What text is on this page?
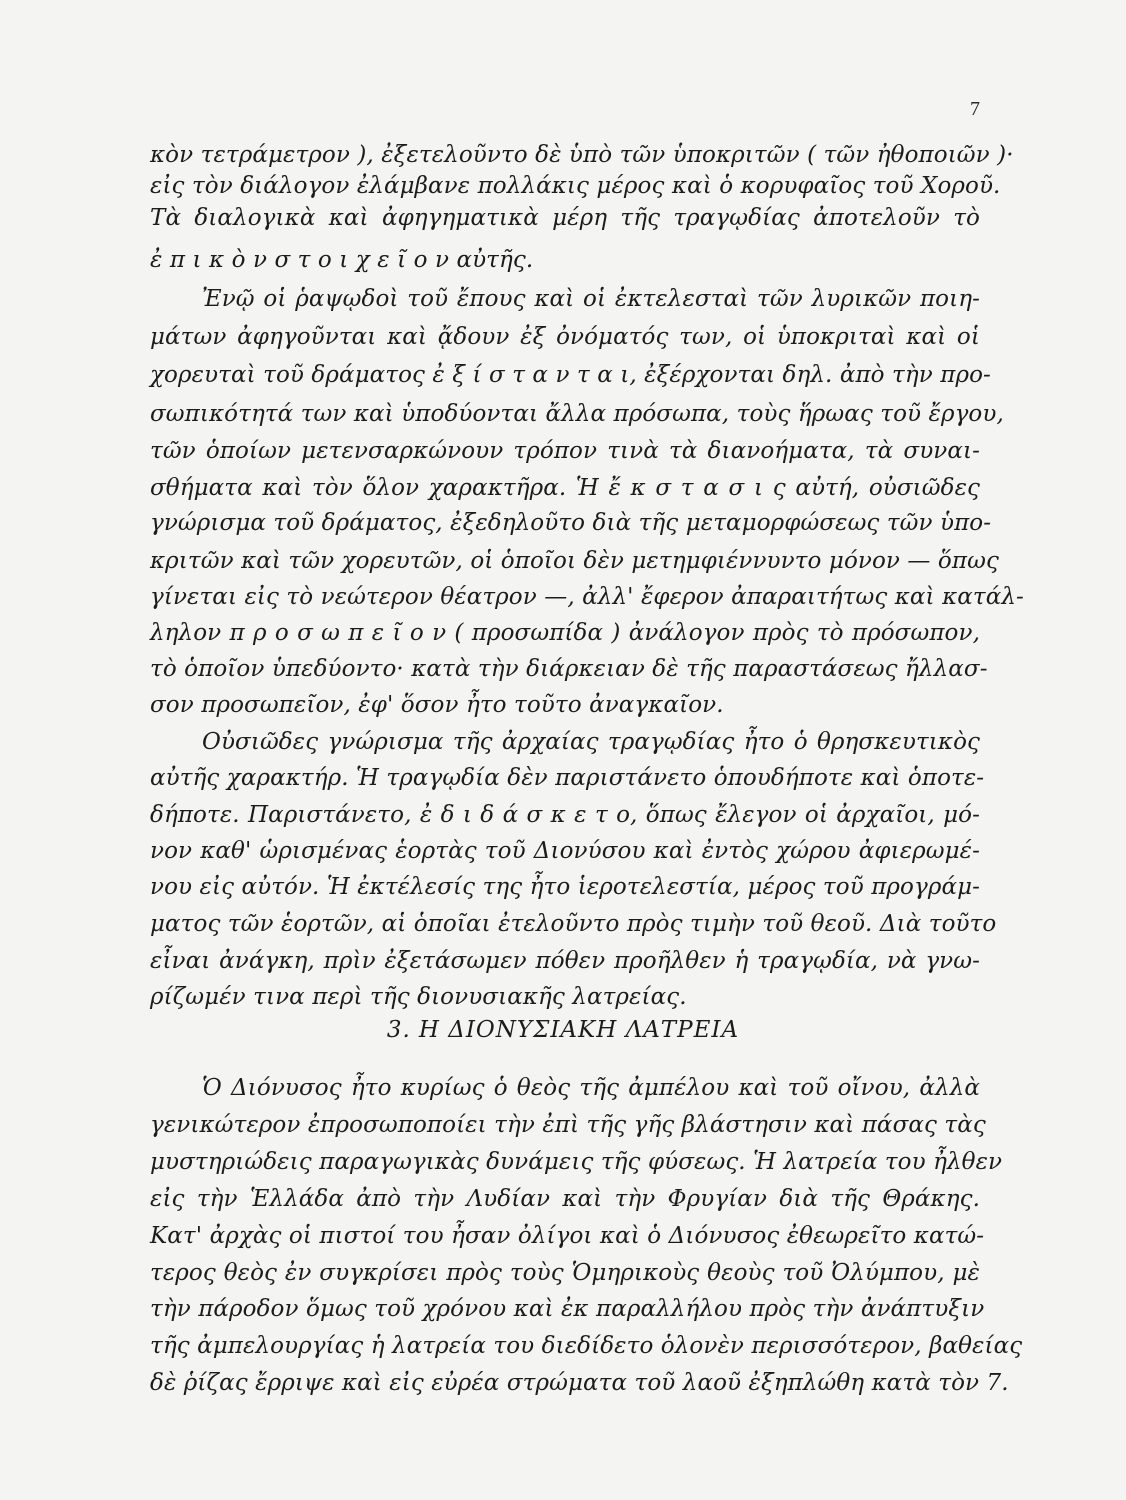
7
κὸν τετράμετρον ), ἐξετελοῦντο δὲ ὑπὸ τῶν ὑποκριτῶν ( τῶν ἠθοποιῶν )·
εἰς τὸν διάλογον ἐλάμβανε πολλάκις μέρος καὶ ὁ κορυφαῖος τοῦ Χοροῦ.
Τὰ διαλογικὰ καὶ ἀφηγηματικὰ μέρη τῆς τραγῳδίας ἀποτελοῦν τὸ
ἐ π ι κ ὸ ν σ τ ο ι χ ε ῖ ο ν αὐτῆς.
Ἐνῷ οἱ ῥαψῳδοὶ τοῦ ἔπους καὶ οἱ ἐκτελεσταὶ τῶν λυρικῶν ποιη-
μάτων ἀφηγοῦνται καὶ ᾄδουν ἐξ ὀνόματός των, οἱ ὑποκριταὶ καὶ οἱ
χορευταὶ τοῦ δράματος ἐ ξ ί σ τ α ν τ α ι, ἐξέρχονται δηλ. ἀπὸ τὴν προ-
σωπικότητά των καὶ ὑποδύονται ἄλλα πρόσωπα, τοὺς ἥρωας τοῦ ἔργου,
τῶν ὁποίων μετενσαρκώνουν τρόπον τινὰ τὰ διανοήματα, τὰ συναι-
σθήματα καὶ τὸν ὅλον χαρακτῆρα. Ἡ ἔ κ σ τ α σ ι ς αὐτή, οὐσιῶδες
γνώρισμα τοῦ δράματος, ἐξεδηλοῦτο διὰ τῆς μεταμορφώσεως τῶν ὑπο-
κριτῶν καὶ τῶν χορευτῶν, οἱ ὁποῖοι δὲν μετημφιέννυντο μόνον — ὅπως
γίνεται εἰς τὸ νεώτερον θέατρον —, ἀλλ' ἔφερον ἀπαραιτήτως καὶ κατάλ-
ληλον π ρ ο σ ω π ε ῖ ο ν ( προσωπίδα ) ἀνάλογον πρὸς τὸ πρόσωπον,
τὸ ὁποῖον ὑπεδύοντο· κατὰ τὴν διάρκειαν δὲ τῆς παραστάσεως ἤλλασ-
σον προσωπεῖον, ἐφ' ὅσον ἦτο τοῦτο ἀναγκαῖον.
Οὐσιῶδες γνώρισμα τῆς ἀρχαίας τραγῳδίας ἦτο ὁ θρησκευτικὸς
αὐτῆς χαρακτήρ. Ἡ τραγῳδία δὲν παριστάνετο ὁπουδήποτε καὶ ὁποτε-
δήποτε. Παριστάνετο, ἐ δ ι δ ά σ κ ε τ ο, ὅπως ἔλεγον οἱ ἀρχαῖοι, μό-
νον καθ' ὡρισμένας ἑορτὰς τοῦ Διονύσου καὶ ἐντὸς χώρου ἀφιερωμέ-
νου εἰς αὐτόν. Ἡ ἐκτέλεσίς της ἦτο ἱεροτελεστία, μέρος τοῦ προγράμ-
ματος τῶν ἑορτῶν, αἱ ὁποῖαι ἐτελοῦντο πρὸς τιμὴν τοῦ θεοῦ. Διὰ τοῦτο
εἶναι ἀνάγκη, πρὶν ἐξετάσωμεν πόθεν προῆλθεν ἡ τραγῳδία, νὰ γνω-
ρίζωμέν τινα περὶ τῆς διονυσιακῆς λατρείας.
3. Η ΔΙΟΝΥΣΙΑΚΗ ΛΑΤΡΕΙΑ
Ὁ Διόνυσος ἦτο κυρίως ὁ θεὸς τῆς ἀμπέλου καὶ τοῦ οἴνου, ἀλλὰ
γενικώτερον ἐπροσωποποίει τὴν ἐπὶ τῆς γῆς βλάστησιν καὶ πάσας τὰς
μυστηριώδεις παραγωγικὰς δυνάμεις τῆς φύσεως. Ἡ λατρεία του ἦλθεν
εἰς τὴν Ἑλλάδα ἀπὸ τὴν Λυδίαν καὶ τὴν Φρυγίαν διὰ τῆς Θράκης.
Κατ' ἀρχὰς οἱ πιστοί του ἦσαν ὀλίγοι καὶ ὁ Διόνυσος ἐθεωρεῖτο κατώ-
τερος θεὸς ἐν συγκρίσει πρὸς τοὺς Ὁμηρικοὺς θεοὺς τοῦ Ὀλύμπου, μὲ
τὴν πάροδον ὅμως τοῦ χρόνου καὶ ἐκ παραλλήλου πρὸς τὴν ἀνάπτυξιν
τῆς ἀμπελουργίας ἡ λατρεία του διεδίδετο ὁλονὲν περισσότερον, βαθείας
δὲ ῥίζας ἔρριψε καὶ εἰς εὐρέα στρώματα τοῦ λαοῦ ἐξηπλώθη κατὰ τὸν 7.
